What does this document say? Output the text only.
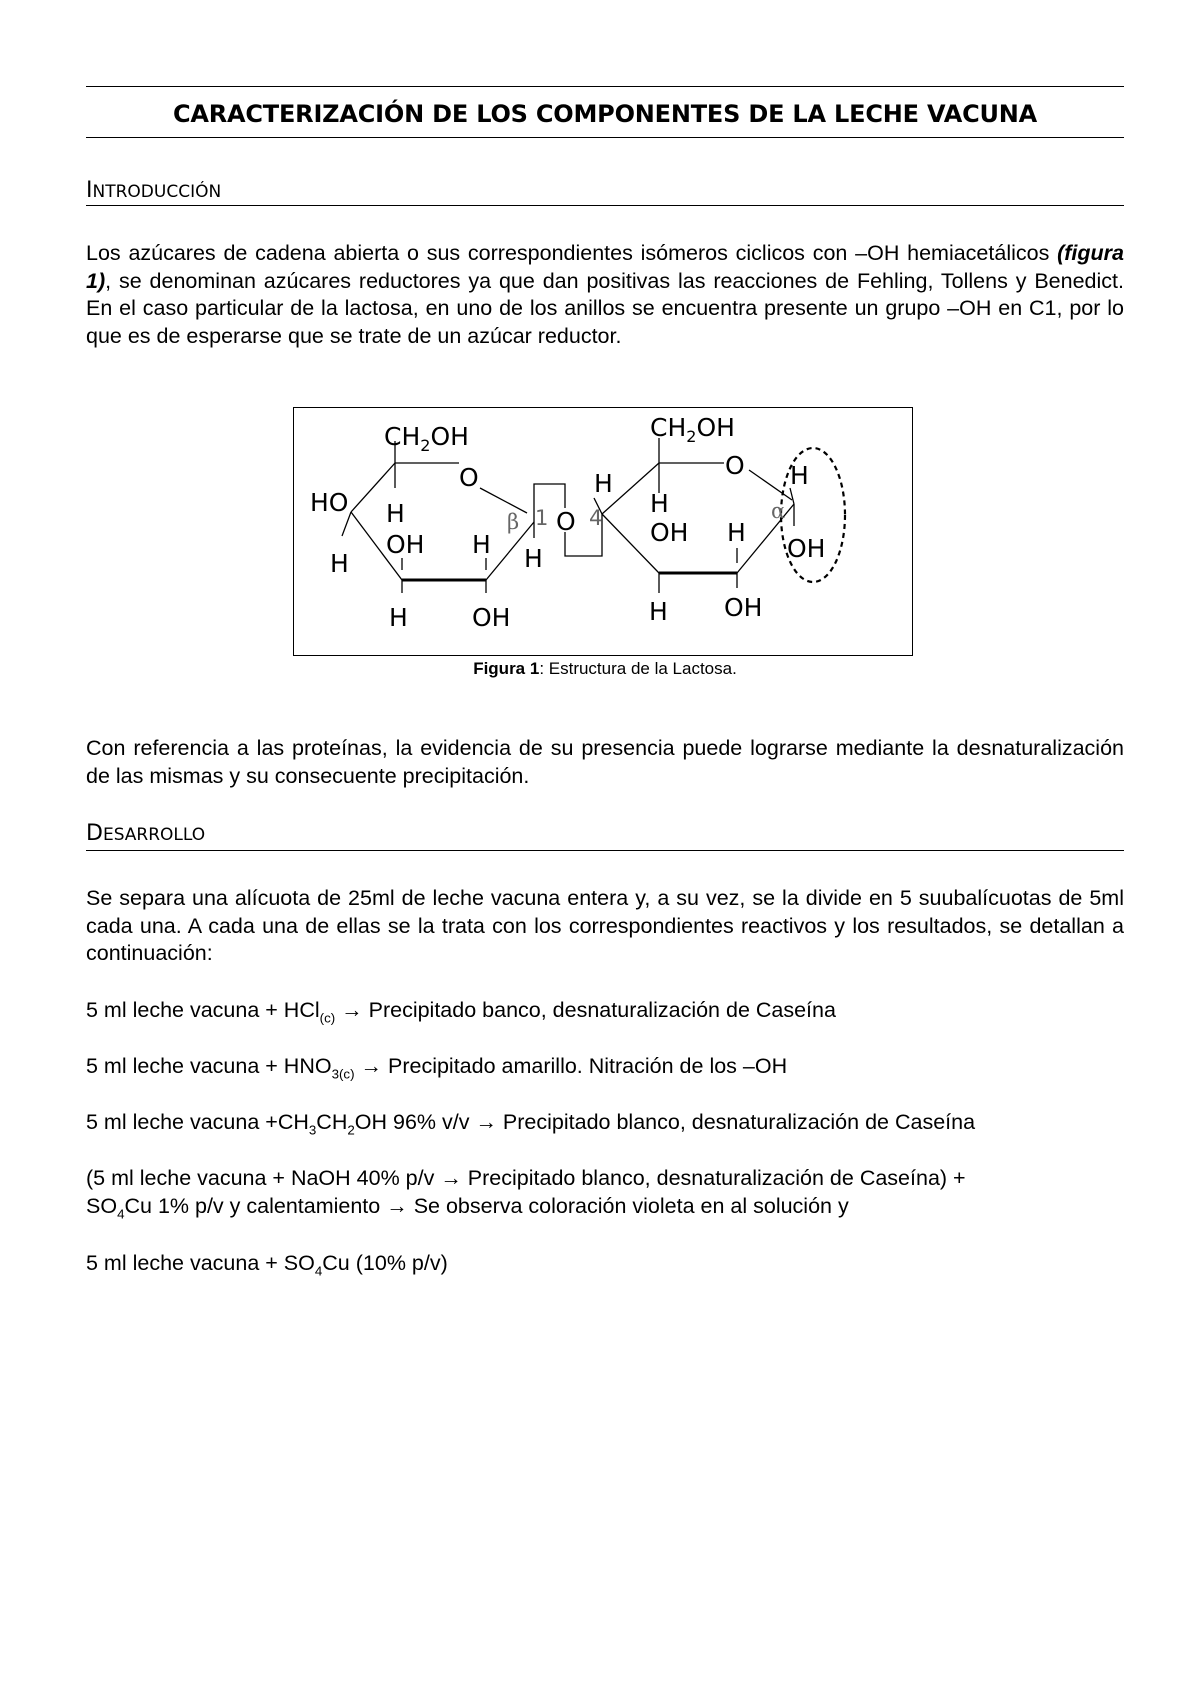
CARACTERIZACIÓN DE LOS COMPONENTES DE LA LECHE VACUNA
INTRODUCCIÓN
Los azúcares de cadena abierta o sus correspondientes isómeros ciclicos con –OH hemiacetálicos (figura 1), se denominan azúcares reductores ya que dan positivas las reacciones de Fehling, Tollens y Benedict. En el caso particular de la lactosa, en uno de los anillos se encuentra presente un grupo –OH en C1, por lo que es de esperarse que se trate de un azúcar reductor.
$CH_2OH$
O
HO H
OH H
H
H	OH
β 1
H
O 4
$CH_2OH$
O
H
H
OH H
H OH
H
α
OH
Figura 1: Estructura de la Lactosa.
Con referencia a las proteínas, la evidencia de su presencia puede lograrse mediante la desnaturalización de las mismas y su consecuente precipitación.
DESARROLLO
Se separa una alícuota de 25ml de leche vacuna entera y, a su vez, se la divide en 5 suubalícuotas de 5ml cada una. A cada una de ellas se la trata con los correspondientes reactivos y los resultados, se detallan a continuación:
5 ml leche vacuna + HCl$_{(c)}$ → Precipitado banco, desnaturalización de Caseína
5 ml leche vacuna + $HNO_{3(c)}$ → Precipitado amarillo. Nitración de los –OH
5 ml leche vacuna $+CH_3CH_2OH$ 96% v/v → Precipitado blanco, desnaturalización de Caseína
(5 ml leche vacuna + NaOH 40% p/v → Precipitado blanco, desnaturalización de Caseína) +
$SO_4Cu$ 1% p/v y calentamiento → Se observa coloración violeta en al solución y
5 ml leche vacuna + $SO_4Cu$ (10% p/v)
